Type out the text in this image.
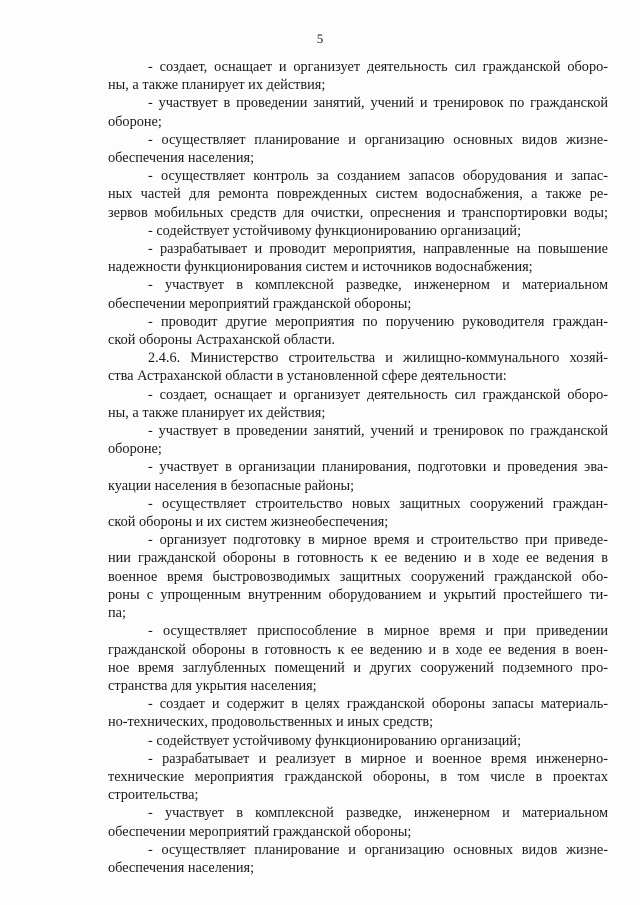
5
- создает, оснащает и организует деятельность сил гражданской оборо-
ны, а также планирует их действия;
- участвует в проведении занятий, учений и тренировок по гражданской
обороне;
- осуществляет планирование и организацию основных видов жизне-
обеспечения населения;
- осуществляет контроль за созданием запасов оборудования и запас-
ных частей для ремонта поврежденных систем водоснабжения, а также ре-
зервов мобильных средств для очистки, опреснения и транспортировки воды;
- содействует устойчивому функционированию организаций;
- разрабатывает и проводит мероприятия, направленные на повышение
надежности функционирования систем и источников водоснабжения;
- участвует в комплексной разведке, инженерном и материальном
обеспечении мероприятий гражданской обороны;
- проводит другие мероприятия по поручению руководителя граждан-
ской обороны Астраханской области.
2.4.6. Министерство строительства и жилищно-коммунального хозяй-
ства Астраханской области в установленной сфере деятельности:
- создает, оснащает и организует деятельность сил гражданской оборо-
ны, а также планирует их действия;
- участвует в проведении занятий, учений и тренировок по гражданской
обороне;
- участвует в организации планирования, подготовки и проведения эва-
куации населения в безопасные районы;
- осуществляет строительство новых защитных сооружений граждан-
ской обороны и их систем жизнеобеспечения;
- организует подготовку в мирное время и строительство при приведе-
нии гражданской обороны в готовность к ее ведению и в ходе ее ведения в
военное время быстровозводимых защитных сооружений гражданской обо-
роны с упрощенным внутренним оборудованием и укрытий простейшего ти-
па;
- осуществляет приспособление в мирное время и при приведении
гражданской обороны в готовность к ее ведению и в ходе ее ведения в воен-
ное время заглубленных помещений и других сооружений подземного про-
странства для укрытия населения;
- создает и содержит в целях гражданской обороны запасы материаль-
но-технических, продовольственных и иных средств;
- содействует устойчивому функционированию организаций;
- разрабатывает и реализует в мирное и военное время инженерно-
технические мероприятия гражданской обороны, в том числе в проектах
строительства;
- участвует в комплексной разведке, инженерном и материальном
обеспечении мероприятий гражданской обороны;
- осуществляет планирование и организацию основных видов жизне-
обеспечения населения;
